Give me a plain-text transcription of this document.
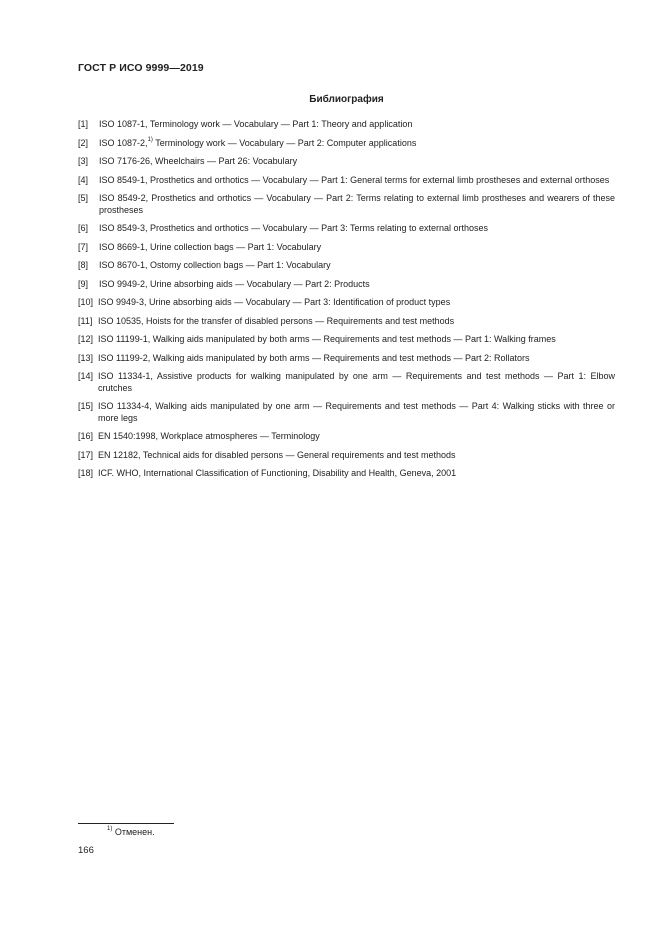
ГОСТ Р ИСО 9999—2019
Библиография
[1]	ISO 1087-1, Terminology work — Vocabulary — Part 1: Theory and application
[2]	ISO 1087-2,$^{1)}$ Terminology work — Vocabulary — Part 2: Computer applications
[3]	ISO 7176-26, Wheelchairs — Part 26: Vocabulary
[4]	ISO 8549-1, Prosthetics and orthotics — Vocabulary — Part 1: General terms for external limb prostheses and external orthoses
[5]	ISO 8549-2, Prosthetics and orthotics — Vocabulary — Part 2: Terms relating to external limb prostheses and wearers of these prostheses
[6]	ISO 8549-3, Prosthetics and orthotics — Vocabulary — Part 3: Terms relating to external orthoses
[7]	ISO 8669-1, Urine collection bags — Part 1: Vocabulary
[8]	ISO 8670-1, Ostomy collection bags — Part 1: Vocabulary
[9]	ISO 9949-2, Urine absorbing aids — Vocabulary — Part 2: Products
[10] ISO 9949-3, Urine absorbing aids — Vocabulary — Part 3: Identification of product types
[11] ISO 10535, Hoists for the transfer of disabled persons — Requirements and test methods
[12] ISO 11199-1, Walking aids manipulated by both arms — Requirements and test methods — Part 1: Walking frames
[13] ISO 11199-2, Walking aids manipulated by both arms — Requirements and test methods — Part 2: Rollators
[14] ISO 11334-1, Assistive products for walking manipulated by one arm — Requirements and test methods — Part 1: Elbow crutches
[15] ISO 11334-4, Walking aids manipulated by one arm — Requirements and test methods — Part 4: Walking sticks with three or more legs
[16] EN 1540:1998, Workplace atmospheres — Terminology
[17] EN 12182, Technical aids for disabled persons — General requirements and test methods
[18] ICF. WHO, International Classification of Functioning, Disability and Health, Geneva, 2001
$^{1)}$ Отменен.
166
